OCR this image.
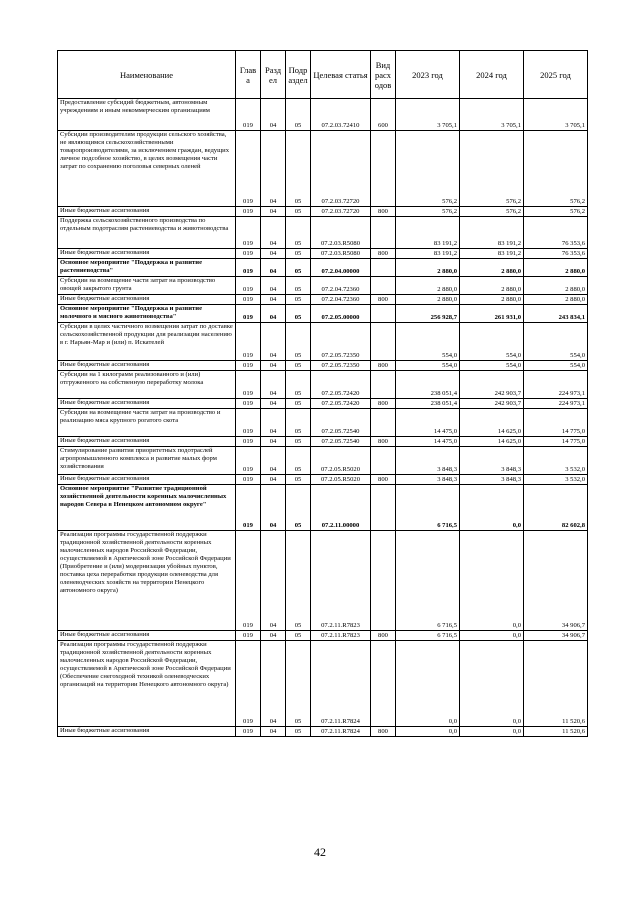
Наименование	Глав а	Разд ел	Подр аздел	Целевая статья	Вид расх одов	2023 год	2024 год	2025 год
Предоставление субсидий бюджетным, автономным учреждениям и иным некоммерческим организациям	019	04	05	07.2.03.72410	600	3 705,1	3 705,1	3 705,1
Субсидии производителям продукции сельского хозяйства, не являющимся сельскохозяйственными товаропроизводителями, за исключением граждан, ведущих личное подсобное хозяйство, в целях возмещения части затрат по сохранению поголовья северных оленей	019	04	05	07.2.03.72720		576,2	576,2	576,2
Иные бюджетные ассигнования	019	04	05	07.2.03.72720	800	576,2	576,2	576,2
Поддержка сельскохозяйственного производства по отдельным подотраслям растениеводства и животноводства	019	04	05	07.2.03.R5080		83 191,2	83 191,2	76 353,6
Иные бюджетные ассигнования	019	04	05	07.2.03.R5080	800	83 191,2	83 191,2	76 353,6
Основное мероприятие "Поддержка и развитие растениеводства"	019	04	05	07.2.04.00000		2 880,0	2 880,0	2 880,0
Субсидии на возмещение части затрат на производство овощей закрытого грунта	019	04	05	07.2.04.72360		2 880,0	2 880,0	2 880,0
Иные бюджетные ассигнования	019	04	05	07.2.04.72360	800	2 880,0	2 880,0	2 880,0
Основное мероприятие "Поддержка и развитие молочного и мясного животноводства"	019	04	05	07.2.05.00000		256 928,7	261 931,0	243 834,1
Субсидии в целях частичного возмещения затрат по доставке сельскохозяйственной продукции для реализации населению в г. Нарьян-Мар и (или) п. Искателей	019	04	05	07.2.05.72350		554,0	554,0	554,0
Иные бюджетные ассигнования	019	04	05	07.2.05.72350	800	554,0	554,0	554,0
Субсидии на 1 килограмм реализованного и (или) отгруженного на собственную переработку молока	019	04	05	07.2.05.72420		238 051,4	242 903,7	224 973,1
Иные бюджетные ассигнования	019	04	05	07.2.05.72420	800	238 051,4	242 903,7	224 973,1
Субсидии на возмещение части затрат на производство и реализацию мяса крупного рогатого скота	019	04	05	07.2.05.72540		14 475,0	14 625,0	14 775,0
Иные бюджетные ассигнования	019	04	05	07.2.05.72540	800	14 475,0	14 625,0	14 775,0
Стимулирование развития приоритетных подотраслей агропромышленного комплекса и развитие малых форм хозяйствования	019	04	05	07.2.05.R5020		3 848,3	3 848,3	3 532,0
Иные бюджетные ассигнования	019	04	05	07.2.05.R5020	800	3 848,3	3 848,3	3 532,0
Основное мероприятие "Развитие традиционной хозяйственной деятельности коренных малочисленных народов Севера в Ненецком автономном округе"	019	04	05	07.2.11.00000		6 716,5	0,0	82 602,8
Реализация программы государственной поддержки традиционной хозяйственной деятельности коренных малочисленных народов Российской Федерации, осуществляемой в Арктической зоне Российской Федерации (Приобретение и (или) модернизация убойных пунктов, поставка цеха переработки продукции оленеводства для оленеводческих хозяйств на территории Ненецкого автономного округа)	019	04	05	07.2.11.R7823		6 716,5	0,0	34 906,7
Иные бюджетные ассигнования	019	04	05	07.2.11.R7823	800	6 716,5	0,0	34 906,7
Реализация программы государственной поддержки традиционной хозяйственной деятельности коренных малочисленных народов Российской Федерации, осуществляемой в Арктической зоне Российской Федерации (Обеспечение снегоходной техникой оленеводческих организаций на территории Ненецкого автономного округа)	019	04	05	07.2.11.R7824		0,0	0,0	11 520,6
Иные бюджетные ассигнования	019	04	05	07.2.11.R7824	800	0,0	0,0	11 520,6
42
